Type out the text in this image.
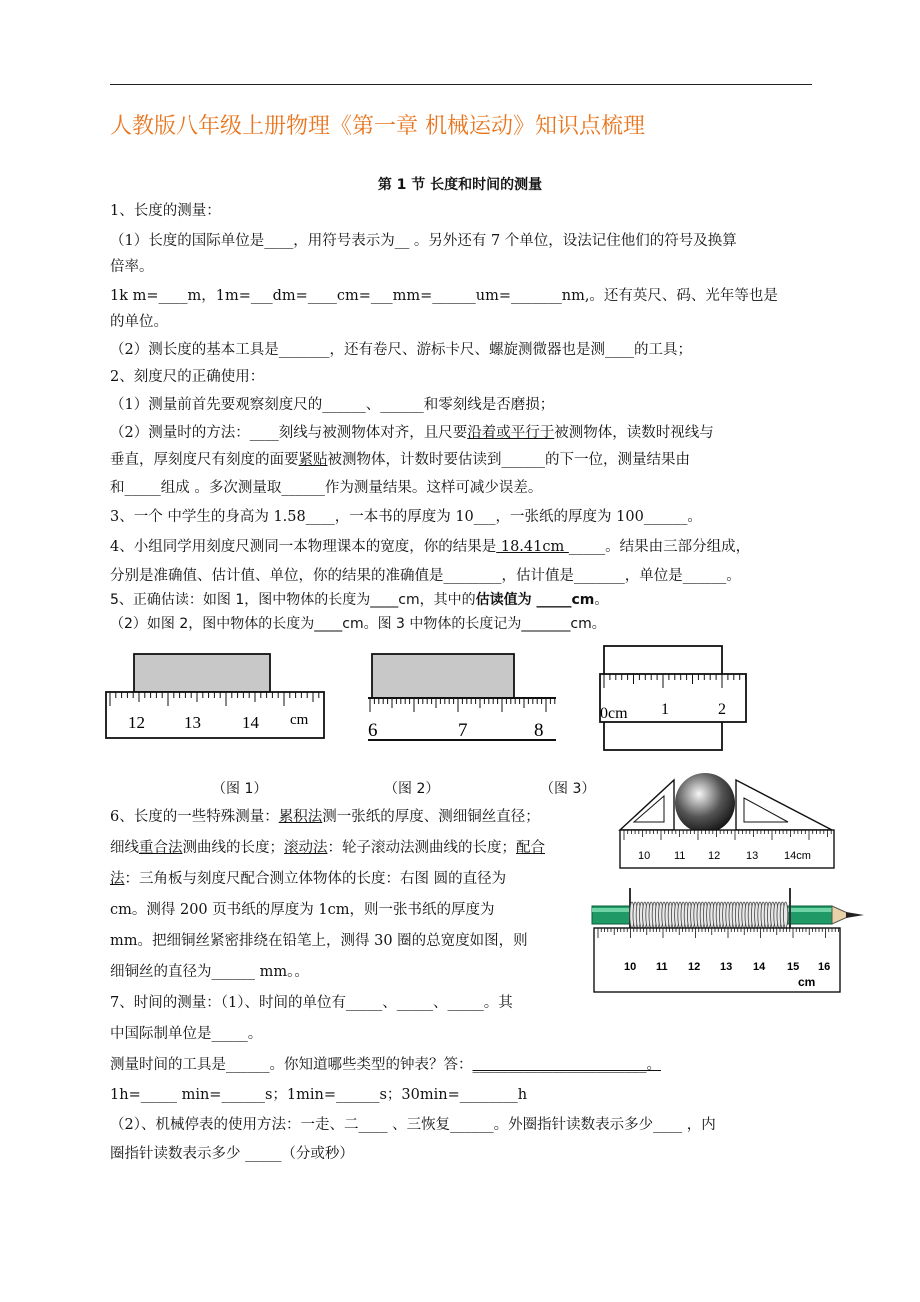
人教版八年级上册物理《第一章 机械运动》知识点梳理
第 1 节 长度和时间的测量
1、长度的测量：
（1）长度的国际单位是____，用符号表示为__ 。另外还有 7 个单位，设法记住他们的符号及换算
倍率。
1k m=____m，1m=___dm=____cm=___mm=______um=_______nm,。还有英尺、码、光年等也是
的单位。
（2）测长度的基本工具是_______，还有卷尺、游标卡尺、螺旋测微器也是测____的工具；
2、刻度尺的正确使用：
（1）测量前首先要观察刻度尺的______、______和零刻线是否磨损；
（2）测量时的方法：____刻线与被测物体对齐，且尺要沿着或平行于被测物体，读数时视线与
垂直，厚刻度尺有刻度的面要紧贴被测物体，计数时要估读到______的下一位，测量结果由
和_____组成 。多次测量取______作为测量结果。这样可减少误差。
3、一个 中学生的身高为 1.58____，一本书的厚度为 10___，一张纸的厚度为 100______。
4、小组同学用刻度尺测同一本物理课本的宽度，你的结果是 18.41cm _____。结果由三部分组成，
分别是准确值、估计值、单位，你的结果的准确值是________，估计值是_______，单位是______。
5、正确估读：如图 1，图中物体的长度为____cm，其中的估读值为 _____cm。
（2）如图 2，图中物体的长度为____cm。图 3 中物体的长度记为_______cm。
12 13 14 cm	6	7	8
0cm 1	2
（图 1）	（图 2）	（图 3）
10 11 12 13 14cm
10 11 12 13 14 15 16
cm
6、长度的一些特殊测量：累积法测一张纸的厚度、测细铜丝直径；
细线重合法测曲线的长度；滚动法：轮子滚动法测曲线的长度；配合
法：三角板与刻度尺配合测立体物体的长度：右图 圆的直径为
cm。测得 200 页书纸的厚度为 1cm，则一张书纸的厚度为
mm。把细铜丝紧密排绕在铅笔上，测得 30 圈的总宽度如图，则
细铜丝的直径为______ mm。。
7、时间的测量：（1）、时间的单位有_____、_____、_____。其
中国际制单位是_____。
测量时间的工具是______。你知道哪些类型的钟表？答：________________________。
1h=_____ min=______s；1min=______s；30min=________h
（2）、机械停表的使用方法：一走、二____ 、三恢复______。外圈指针读数表示多少____ ，内
圈指针读数表示多少 _____（分或秒）
